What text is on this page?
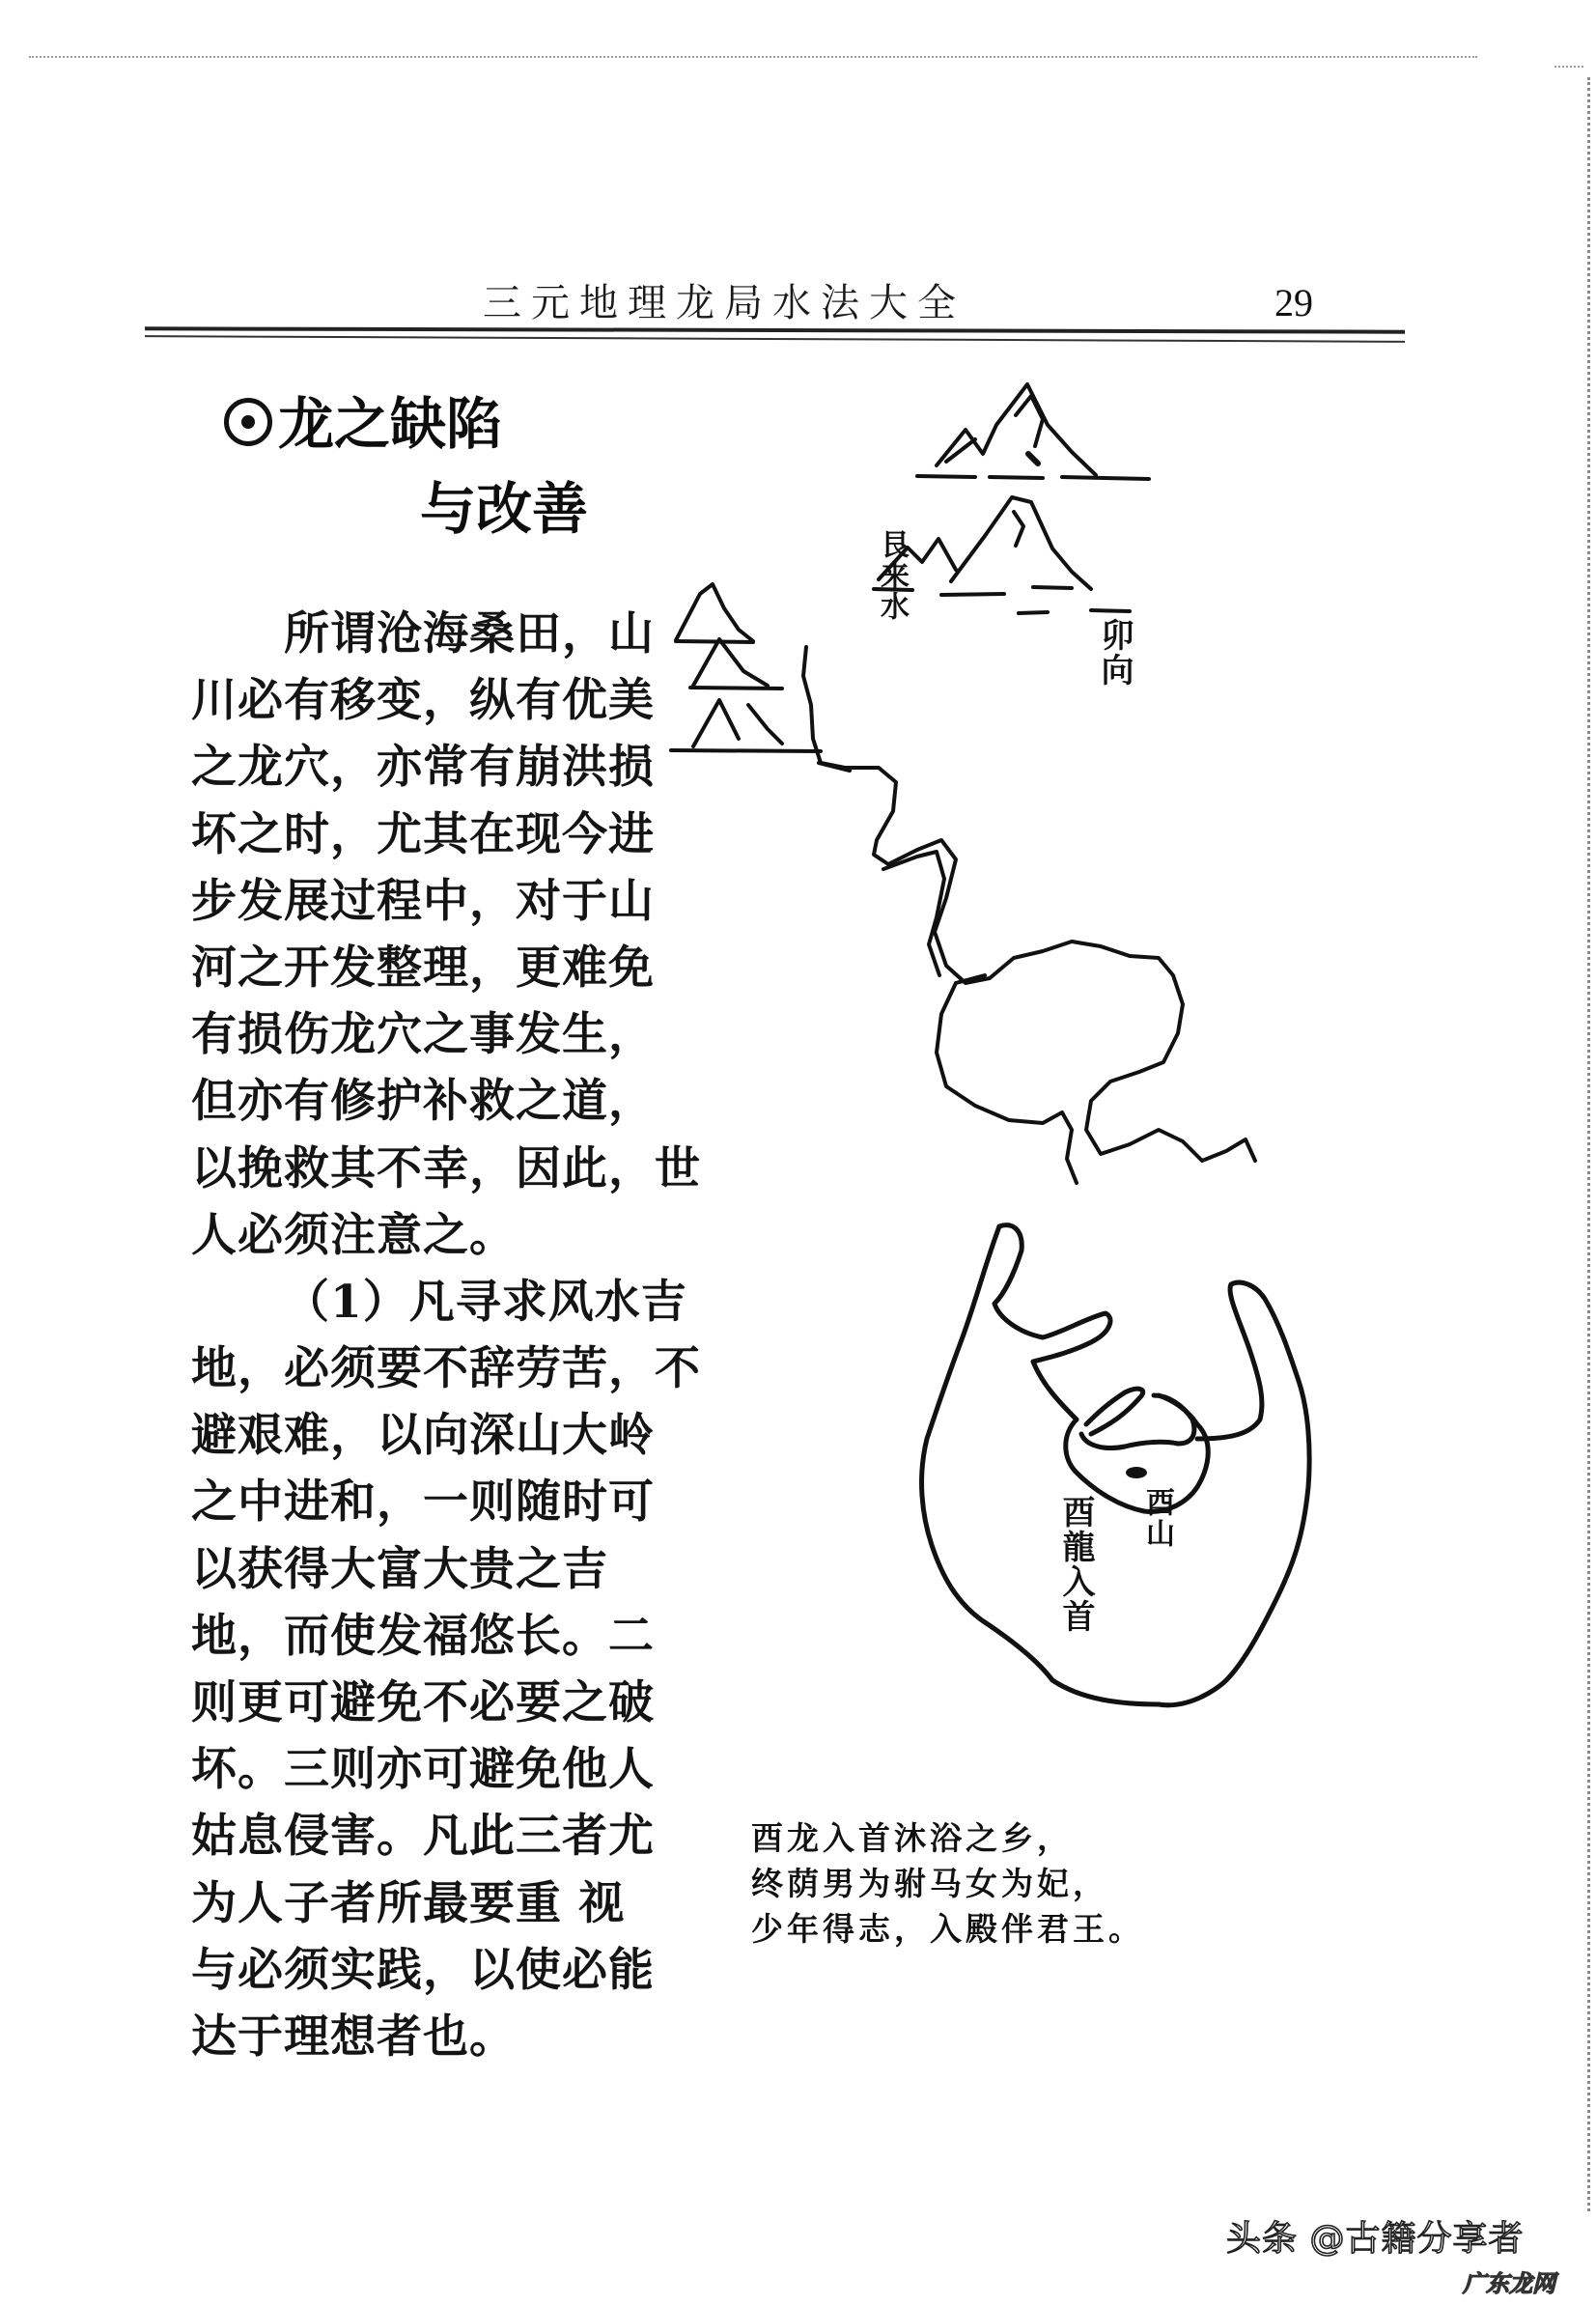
三元地理龙局水法大全	29
龙之缺陷
与改善
所谓沧海桑田，山
川必有移变，纵有优美
之龙穴，亦常有崩洪损
坏之时，尤其在现今进
步发展过程中，对于山
河之开发整理，更难免
有损伤龙穴之事发生，
但亦有修护补救之道，
以挽救其不幸，因此，世
人必须注意之。
（1）凡寻求风水吉
地，必须要不辞劳苦，不
避艰难，以向深山大岭
之中进和，一则随时可
以获得大富大贵之吉
地，而使发福悠长。二
则更可避免不必要之破
坏。三则亦可避免他人
姑息侵害。凡此三者尤
为人子者所最要重 视
与必须实践，以使必能
达于理想者也。
艮来水
卯向
酉山
酉龍入首
酉龙入首沐浴之乡，
终荫男为驸马女为妃，
少年得志，入殿伴君王。
头条 @古籍分享者
广东龙网
